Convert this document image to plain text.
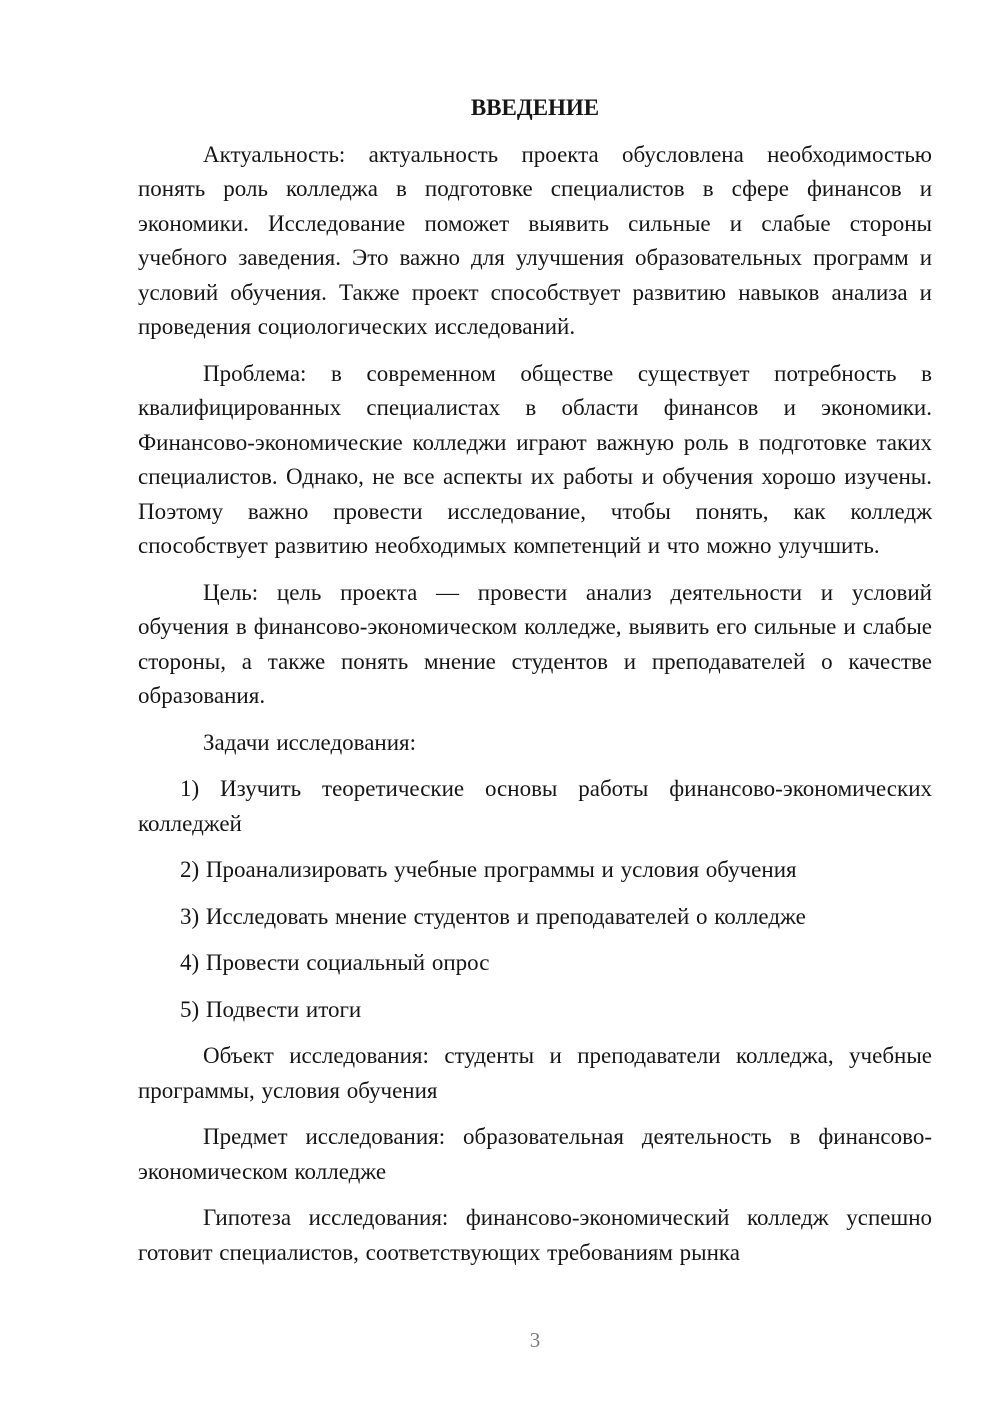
ВВЕДЕНИЕ

Актуальность: актуальность проекта обусловлена необходимостью понять роль колледжа в подготовке специалистов в сфере финансов и экономики. Исследование поможет выявить сильные и слабые стороны учебного заведения. Это важно для улучшения образовательных программ и условий обучения. Также проект способствует развитию навыков анализа и проведения социологических исследований.

Проблема: в современном обществе существует потребность в квалифицированных специалистах в области финансов и экономики. Финансово-экономические колледжи играют важную роль в подготовке таких специалистов. Однако, не все аспекты их работы и обучения хорошо изучены. Поэтому важно провести исследование, чтобы понять, как колледж способствует развитию необходимых компетенций и что можно улучшить.

Цель: цель проекта — провести анализ деятельности и условий обучения в финансово-экономическом колледже, выявить его сильные и слабые стороны, а также понять мнение студентов и преподавателей о качестве образования.

Задачи исследования:

1) Изучить теоретические основы работы финансово-экономических колледжей

2) Проанализировать учебные программы и условия обучения

3) Исследовать мнение студентов и преподавателей о колледже

4) Провести социальный опрос

5) Подвести итоги

Объект исследования: студенты и преподаватели колледжа, учебные программы, условия обучения

Предмет исследования: образовательная деятельность в финансово-экономическом колледже

Гипотеза исследования: финансово-экономический колледж успешно готовит специалистов, соответствующих требованиям рынка

3
